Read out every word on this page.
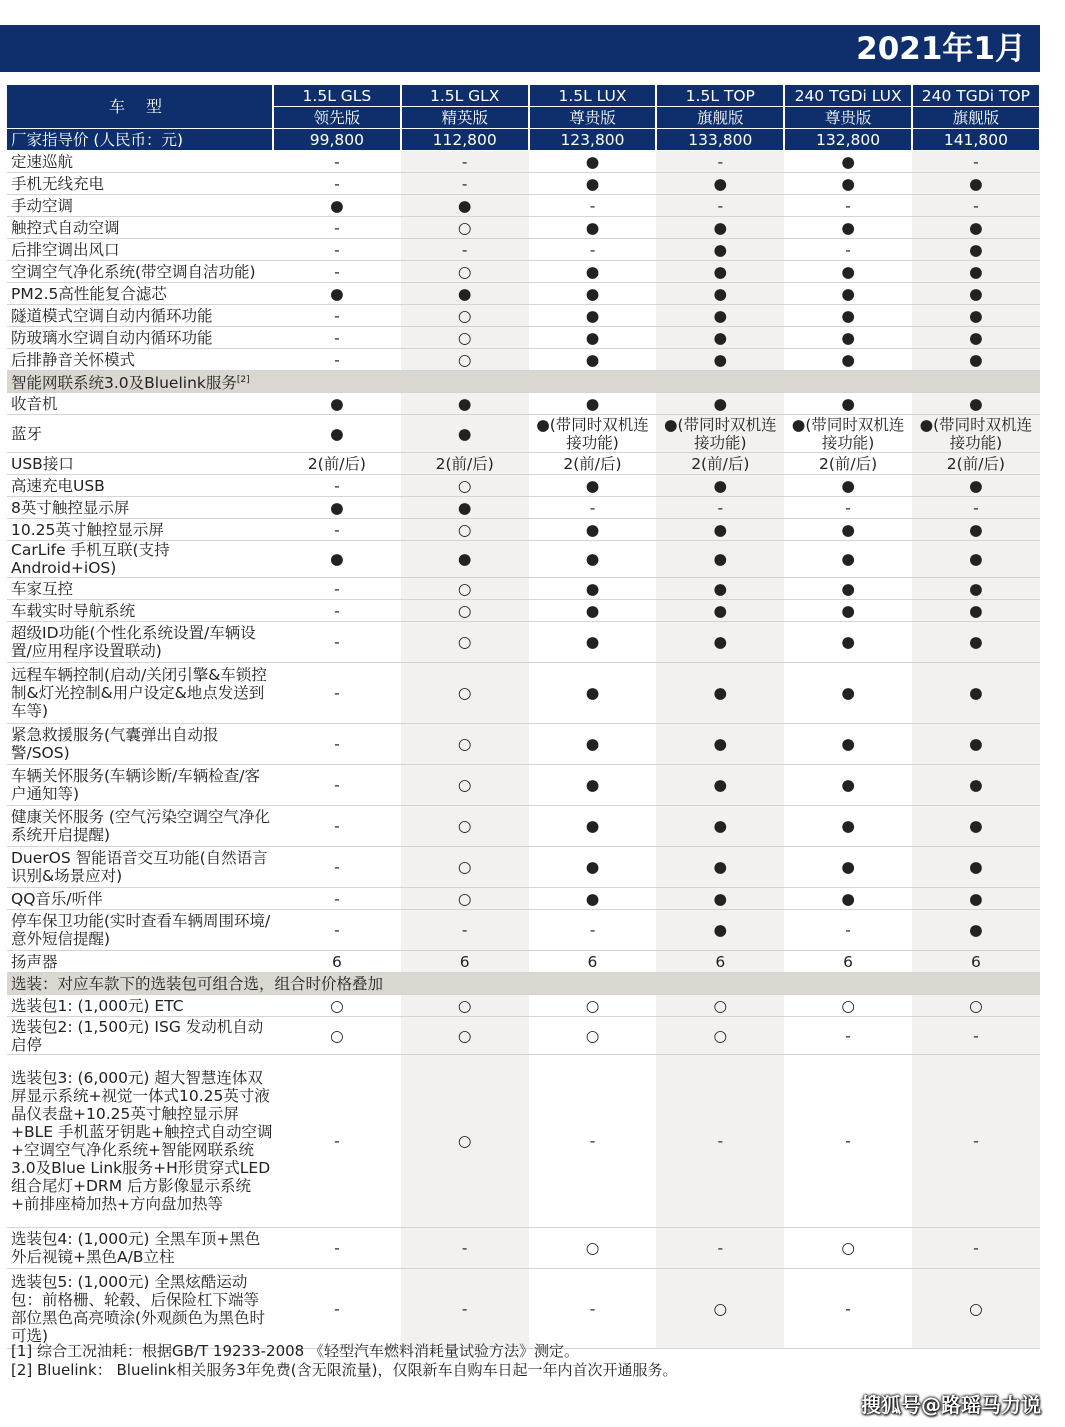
2021年1月
车 型	1.5L GLS	1.5L GLX	1.5L LUX	1.5L TOP	240 TGDi LUX	240 TGDi TOP
	领先版	精英版	尊贵版	旗舰版	尊贵版	旗舰版
厂家指导价 (人民币：元)	99,800	112,800	123,800	133,800	132,800	141,800
定速巡航	-	-	●	-	●	-
手机无线充电	-	-	●	●	●	●
手动空调	●	●	-	-	-	-
触控式自动空调	-	○	●	●	●	●
后排空调出风口	-	-	-	●	-	●
空调空气净化系统(带空调自洁功能)	-	○	●	●	●	●
PM2.5高性能复合滤芯	●	●	●	●	●	●
隧道模式空调自动内循环功能	-	○	●	●	●	●
防玻璃水空调自动内循环功能	-	○	●	●	●	●
后排静音关怀模式	-	○	●	●	●	●
智能网联系统3.0及Bluelink服务[2]
收音机	●	●	●	●	●	●
蓝牙	●	●	●(带同时双机连接功能)	●(带同时双机连接功能)	●(带同时双机连接功能)	●(带同时双机连接功能)
USB接口	2(前/后)	2(前/后)	2(前/后)	2(前/后)	2(前/后)	2(前/后)
高速充电USB	-	○	●	●	●	●
8英寸触控显示屏	●	●	-	-	-	-
10.25英寸触控显示屏	-	○	●	●	●	●
CarLife 手机互联(支持Android+iOS)	●	●	●	●	●	●
车家互控	-	○	●	●	●	●
车载实时导航系统	-	○	●	●	●	●
超级ID功能(个性化系统设置/车辆设置/应用程序设置联动)	-	○	●	●	●	●
远程车辆控制(启动/关闭引擎&车锁控制&灯光控制&用户设定&地点发送到车等)	-	○	●	●	●	●
紧急救援服务(气囊弹出自动报警/SOS)	-	○	●	●	●	●
车辆关怀服务(车辆诊断/车辆检查/客户通知等)	-	○	●	●	●	●
健康关怀服务 (空气污染空调空气净化系统开启提醒)	-	○	●	●	●	●
DuerOS 智能语音交互功能(自然语言识别&场景应对)	-	○	●	●	●	●
QQ音乐/听伴	-	○	●	●	●	●
停车保卫功能(实时查看车辆周围环境/意外短信提醒)	-	-	-	●	-	●
扬声器	6	6	6	6	6	6
选装：对应车款下的选装包可组合选，组合时价格叠加						
选装包1: (1,000元) ETC	○	○	○	○	○	○
选装包2: (1,500元) ISG 发动机自动启停	○	○	○	○	-	-
选装包3: (6,000元) 超大智慧连体双屏显示系统+视觉一体式10.25英寸液晶仪表盘+10.25英寸触控显示屏+BLE 手机蓝牙钥匙+触控式自动空调+空调空气净化系统+智能网联系统3.0及Blue Link服务+H形贯穿式LED组合尾灯+DRM 后方影像显示系统+前排座椅加热+方向盘加热等	-	○	-	-	-	-
选装包4: (1,000元) 全黑车顶+黑色外后视镜+黑色A/B立柱	-	-	○	-	○	-
选装包5: (1,000元) 全黑炫酷运动包：前格栅、轮毂、后保险杠下端等部位黑色高亮喷涂(外观颜色为黑色时可选)	-	-	-	○	-	○
[1] 综合工况油耗：根据GB/T 19233-2008 《轻型汽车燃料消耗量试验方法》测定。
[2] Bluelink： Bluelink相关服务3年免费(含无限流量)，仅限新车自购车日起一年内首次开通服务。
搜狐号@路瑶马力说
